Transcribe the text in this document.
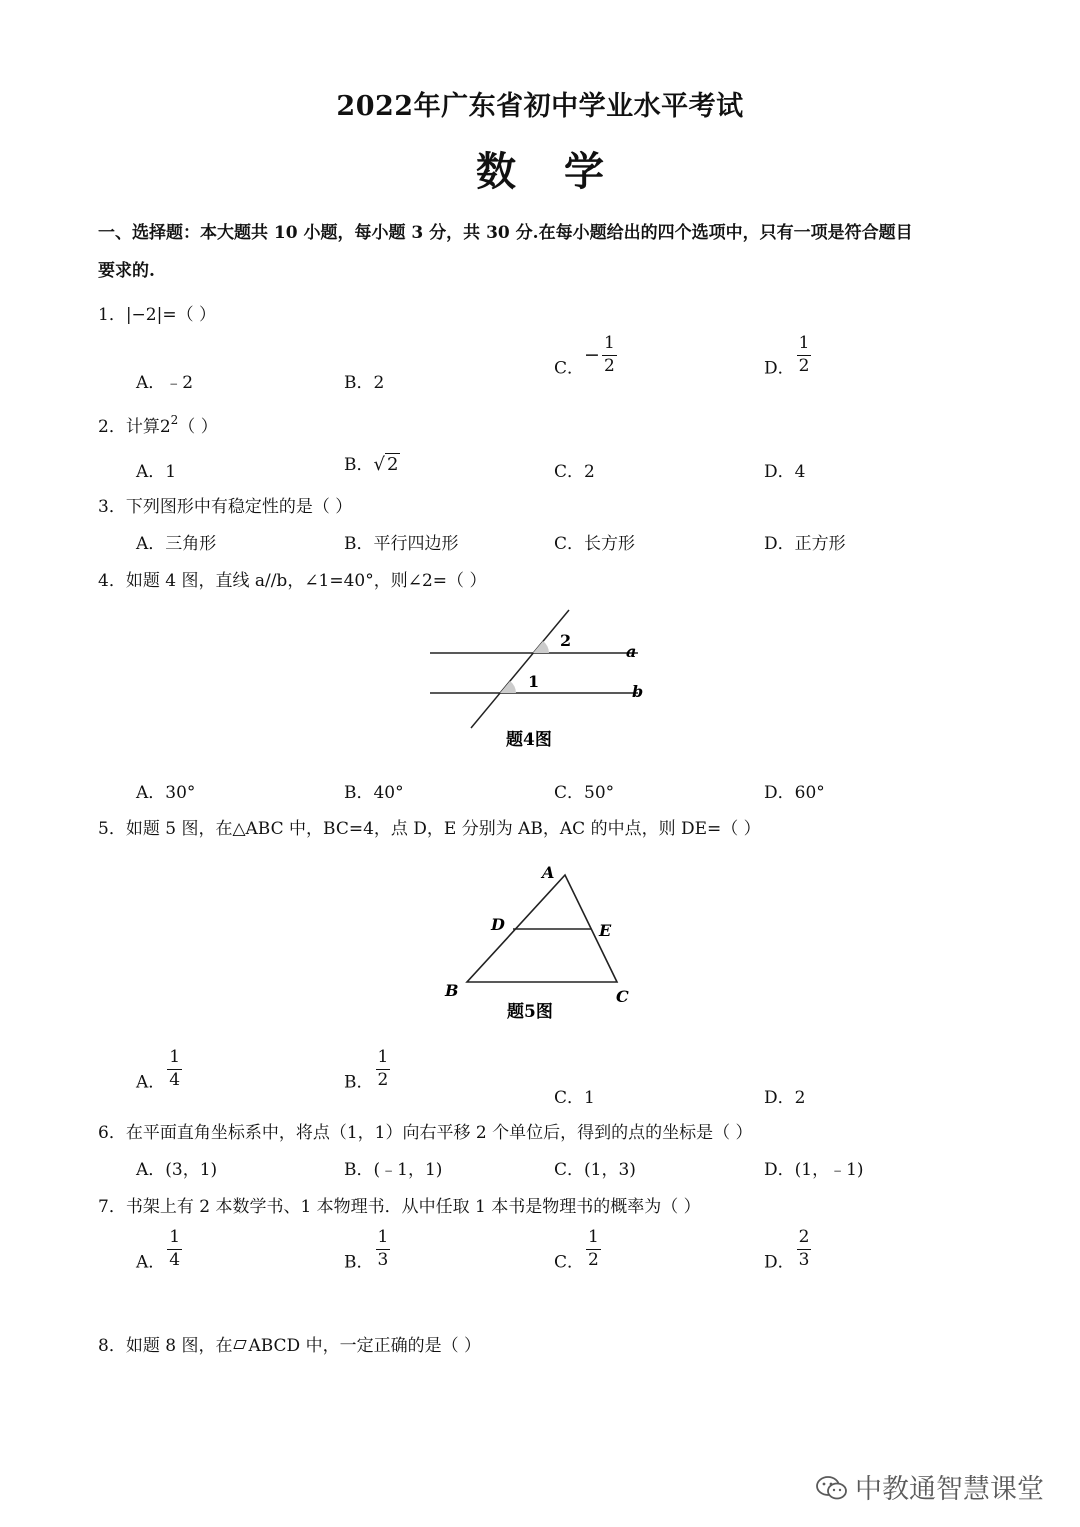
2022年广东省初中学业水平考试
数 学
一、选择题：本大题共 10 小题，每小题 3 分，共 30 分.在每小题给出的四个选项中，只有一项是符合题目
要求的.
1．|−2|=（ ）
A．﹣2	B．2
C．− $\frac{1}{2}$	D． $\frac{1}{2}$
2．计算$2^2$（ ）
A．1	B．√ 2	C．2	D．4
3．下列图形中有稳定性的是（ ）
A．三角形	B．平行四边形	C．长方形	D．正方形
4．如题 4 图，直线 a//b，∠1=40°，则∠2=（ ）
2
1
a
b
题4图
A．30°	B．40°	C．50°	D．60°
5．如题 5 图，在△ABC 中，BC=4，点 D，E 分别为 AB，AC 的中点，则 DE=（ ）
A
D	E
B	C
题5图
A． $\frac{1}{4}$	B． $\frac{1}{2}$
C．1	D．2
6．在平面直角坐标系中，将点（1，1）向右平移 2 个单位后，得到的点的坐标是（ ）
A．(3，1)	B．(﹣1，1)	C．(1，3)	D．(1，﹣1)
7．书架上有 2 本数学书、1 本物理书．从中任取 1 本书是物理书的概率为（ ）
A． $\frac{1}{4}$	B． $\frac{1}{3}$	C． $\frac{1}{2}$	D． $\frac{2}{3}$
8．如题 8 图，在 ABCD 中，一定正确的是（ ）
中教通智慧课堂
